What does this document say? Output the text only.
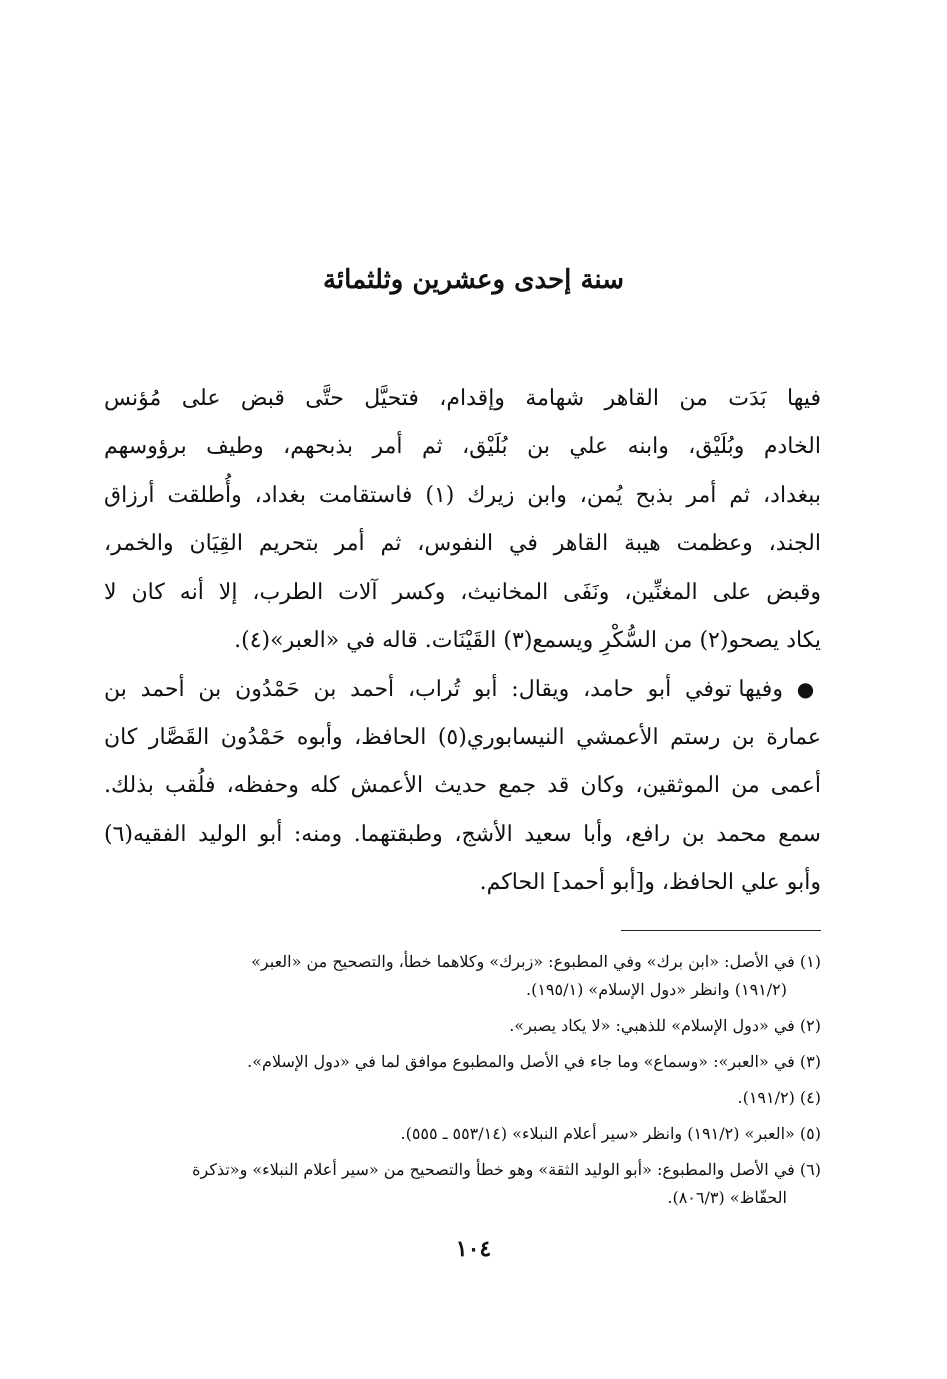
سنة إحدى وعشرين وثلثمائة
فيها بَدَت من القاهر شهامة وإقدام، فتحيَّل حتَّى قبض على مُؤنس
الخادم وبُلَيْق، وابنه علي بن بُلَيْق، ثم أمر بذبحهم، وطيف برؤوسهم
ببغداد، ثم أمر بذبح يُمن، وابن زيرك (١) فاستقامت بغداد، وأُطلقت أرزاق
الجند، وعظمت هيبة القاهر في النفوس، ثم أمر بتحريم القِيَان والخمر،
وقبض على المغنِّين، ونَفَى المخانيث، وكسر آلات الطرب، إلا أنه كان لا
يكاد يصحو(٢) من السُّكْرِ ويسمع(٣) القَيْنَات. قاله في «العبر»(٤).
● وفيها توفي أبو حامد، ويقال: أبو تُراب، أحمد بن حَمْدُون بن أحمد بن
عمارة بن رستم الأعمشي النيسابوري(٥) الحافظ، وأبوه حَمْدُون القَصَّار كان
أعمى من الموثقين، وكان قد جمع حديث الأعمش كله وحفظه، فلُقب بذلك.
سمع محمد بن رافع، وأبا سعيد الأشج، وطبقتهما. ومنه: أبو الوليد الفقيه(٦)
وأبو علي الحافظ، و[أبو أحمد] الحاكم.
(١) في الأصل: «ابن برك» وفي المطبوع: «زبرك» وكلاهما خطأ، والتصحيح من «العبر»
(١٩١/٢) وانظر «دول الإسلام» (١٩٥/١).
(٢) في «دول الإسلام» للذهبي: «لا يكاد يصبر».
(٣) في «العبر»: «وسماع» وما جاء في الأصل والمطبوع موافق لما في «دول الإسلام».
(٤) (١٩١/٢).
(٥) «العبر» (١٩١/٢) وانظر «سير أعلام النبلاء» (٥٥٣/١٤ ـ ٥٥٥).
(٦) في الأصل والمطبوع: «أبو الوليد الثقة» وهو خطأ والتصحيح من «سير أعلام النبلاء» و«تذكرة
الحفّاظ» (٨٠٦/٣).

١٠٤
